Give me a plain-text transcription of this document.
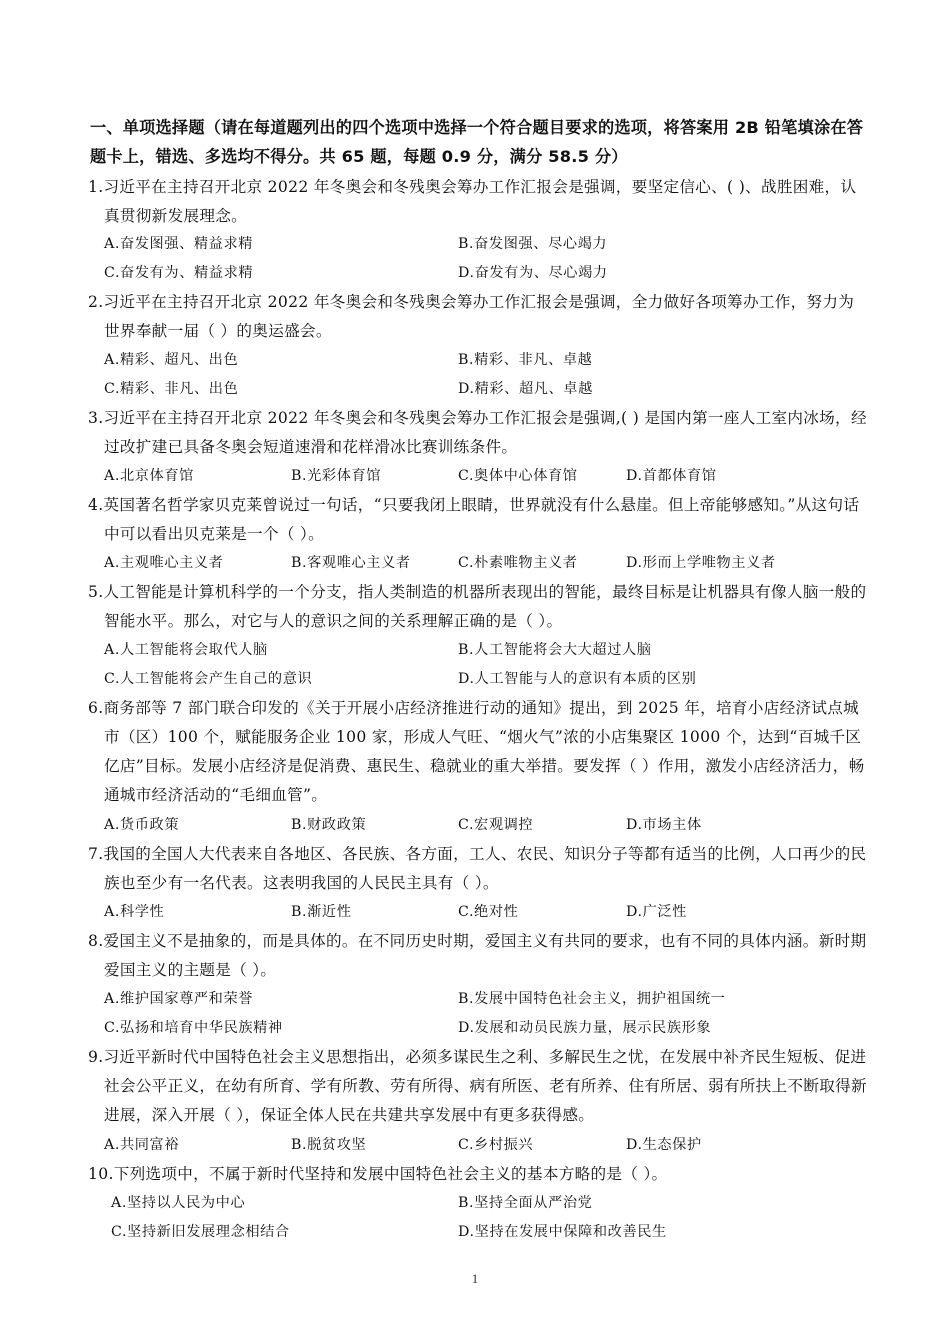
一、单项选择题（请在每道题列出的四个选项中选择一个符合题目要求的选项，将答案用 2B 铅笔填涂在答题卡上，错选、多选均不得分。共 65 题，每题 0.9 分，满分 58.5 分）
1.习近平在主持召开北京 2022 年冬奥会和冬残奥会筹办工作汇报会是强调，要坚定信心、( )、战胜困难，认真贯彻新发展理念。
A.奋发图强、精益求精	B.奋发图强、尽心竭力
C.奋发有为、精益求精	D.奋发有为、尽心竭力
2.习近平在主持召开北京 2022 年冬奥会和冬残奥会筹办工作汇报会是强调，全力做好各项筹办工作，努力为世界奉献一届（ ）的奥运盛会。
A.精彩、超凡、出色	B.精彩、非凡、卓越
C.精彩、非凡、出色	D.精彩、超凡、卓越
3.习近平在主持召开北京 2022 年冬奥会和冬残奥会筹办工作汇报会是强调,( ) 是国内第一座人工室内冰场，经过改扩建已具备冬奥会短道速滑和花样滑冰比赛训练条件。
A.北京体育馆	B.光彩体育馆	C.奥体中心体育馆	D.首都体育馆
4.英国著名哲学家贝克莱曾说过一句话，“只要我闭上眼睛，世界就没有什么悬崖。但上帝能够感知。”从这句话中可以看出贝克莱是一个（ ）。
A.主观唯心主义者	B.客观唯心主义者	C.朴素唯物主义者	D.形而上学唯物主义者
5.人工智能是计算机科学的一个分支，指人类制造的机器所表现出的智能，最终目标是让机器具有像人脑一般的智能水平。那么，对它与人的意识之间的关系理解正确的是（ ）。
A.人工智能将会取代人脑	B.人工智能将会大大超过人脑
C.人工智能将会产生自己的意识	D.人工智能与人的意识有本质的区别
6.商务部等 7 部门联合印发的《关于开展小店经济推进行动的通知》提出，到 2025 年，培育小店经济试点城市（区）100 个，赋能服务企业 100 家，形成人气旺、“烟火气”浓的小店集聚区 1000 个，达到“百城千区亿店”目标。发展小店经济是促消费、惠民生、稳就业的重大举措。要发挥（ ）作用，激发小店经济活力，畅通城市经济活动的“毛细血管”。
A.货币政策	B.财政政策	C.宏观调控	D.市场主体
7.我国的全国人大代表来自各地区、各民族、各方面，工人、农民、知识分子等都有适当的比例，人口再少的民族也至少有一名代表。这表明我国的人民民主具有（ ）。
A.科学性	B.渐近性	C.绝对性	D.广泛性
8.爱国主义不是抽象的，而是具体的。在不同历史时期，爱国主义有共同的要求，也有不同的具体内涵。新时期爱国主义的主题是（ ）。
A.维护国家尊严和荣誉	B.发展中国特色社会主义，拥护祖国统一
C.弘扬和培育中华民族精神	D.发展和动员民族力量，展示民族形象
9.习近平新时代中国特色社会主义思想指出，必须多谋民生之利、多解民生之忧，在发展中补齐民生短板、促进社会公平正义，在幼有所育、学有所教、劳有所得、病有所医、老有所养、住有所居、弱有所扶上不断取得新进展，深入开展（ ），保证全体人民在共建共享发展中有更多获得感。
A.共同富裕	B.脱贫攻坚	C.乡村振兴	D.生态保护
10.下列选项中，不属于新时代坚持和发展中国特色社会主义的基本方略的是（ ）。
A.坚持以人民为中心	B.坚持全面从严治党
C.坚持新旧发展理念相结合	D.坚持在发展中保障和改善民生
1
